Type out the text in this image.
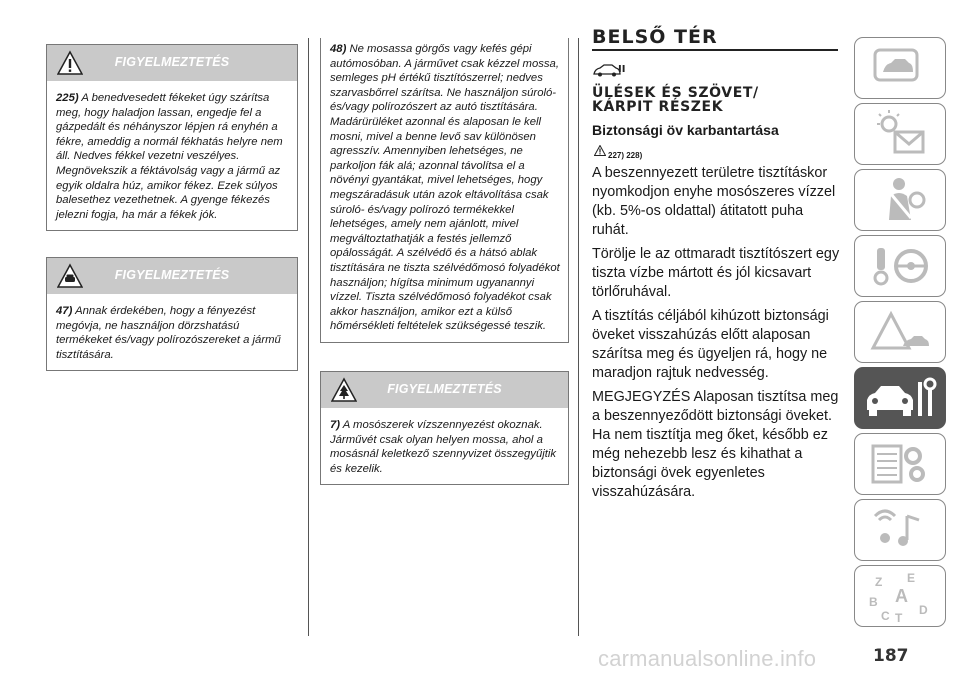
FIGYELMEZTETÉS
225) A benedvesedett fékeket úgy szárítsa meg, hogy haladjon lassan, engedje fel a gázpedált és néhányszor lépjen rá enyhén a fékre, ameddig a normál fékhatás helyre nem áll. Nedves fékkel vezetni veszélyes. Megnövekszik a féktávolság vagy a jármű az egyik oldalra húz, amikor fékez. Ezek súlyos balesethez vezethetnek. A gyenge fékezés jelezni fogja, ha már a fékek jók.
FIGYELMEZTETÉS
47) Annak érdekében, hogy a fényezést megóvja, ne használjon dörzshatású termékeket és/vagy polírozószereket a jármű tisztítására.
48) Ne mosassa görgős vagy kefés gépi autómosóban. A járművet csak kézzel mossa, semleges pH értékű tisztítószerrel; nedves szarvasbőrrel szárítsa. Ne használjon súroló- és/vagy polírozószert az autó tisztítására. Madárürüléket azonnal és alaposan le kell mosni, mivel a benne levő sav különösen agresszív. Amennyiben lehetséges, ne parkoljon fák alá; azonnal távolítsa el a növényi gyantákat, mivel lehetséges, hogy megszáradásuk után azok eltávolítása csak súroló- és/vagy polírozó termékekkel lehetséges, amely nem ajánlott, mivel megváltoztathatják a festés jellemző opálosságát. A szélvédő és a hátsó ablak tisztítására ne tiszta szélvédőmosó folyadékot használjon; hígítsa minimum ugyanannyi vízzel. Tiszta szélvédőmosó folyadékot csak akkor használjon, amikor ezt a külső hőmérsékleti feltételek szükségessé teszik.
FIGYELMEZTETÉS
7) A mosószerek vízszennyezést okoznak. Járművét csak olyan helyen mossa, ahol a mosásnál keletkező szennyvizet összegyűjtik és kezelik.
BELSŐ TÉR
ⅠⅠ
ÜLÉSEK ÉS SZÖVET/
KÁRPIT RÉSZEK
Biztonsági öv karbantartása
227) 228)

A beszennyezett területre tisztításkor nyomkodjon enyhe mosószeres vízzel (kb. 5%-os oldattal) átitatott puha ruhát.

Törölje le az ottmaradt tisztítószert egy tiszta vízbe mártott és jól kicsavart törlőruhával.

A tisztítás céljából kihúzott biztonsági öveket visszahúzás előtt alaposan szárítsa meg és ügyeljen rá, hogy ne maradjon rajtuk nedvesség.

MEGJEGYZÉS Alaposan tisztítsa meg a beszennyeződött biztonsági öveket. Ha nem tisztítja meg őket, később ez még nehezebb lesz és kihathat a biztonsági övek egyenletes visszahúzására.

Z E
B A
C T
D
carmanualsonline.info	187
